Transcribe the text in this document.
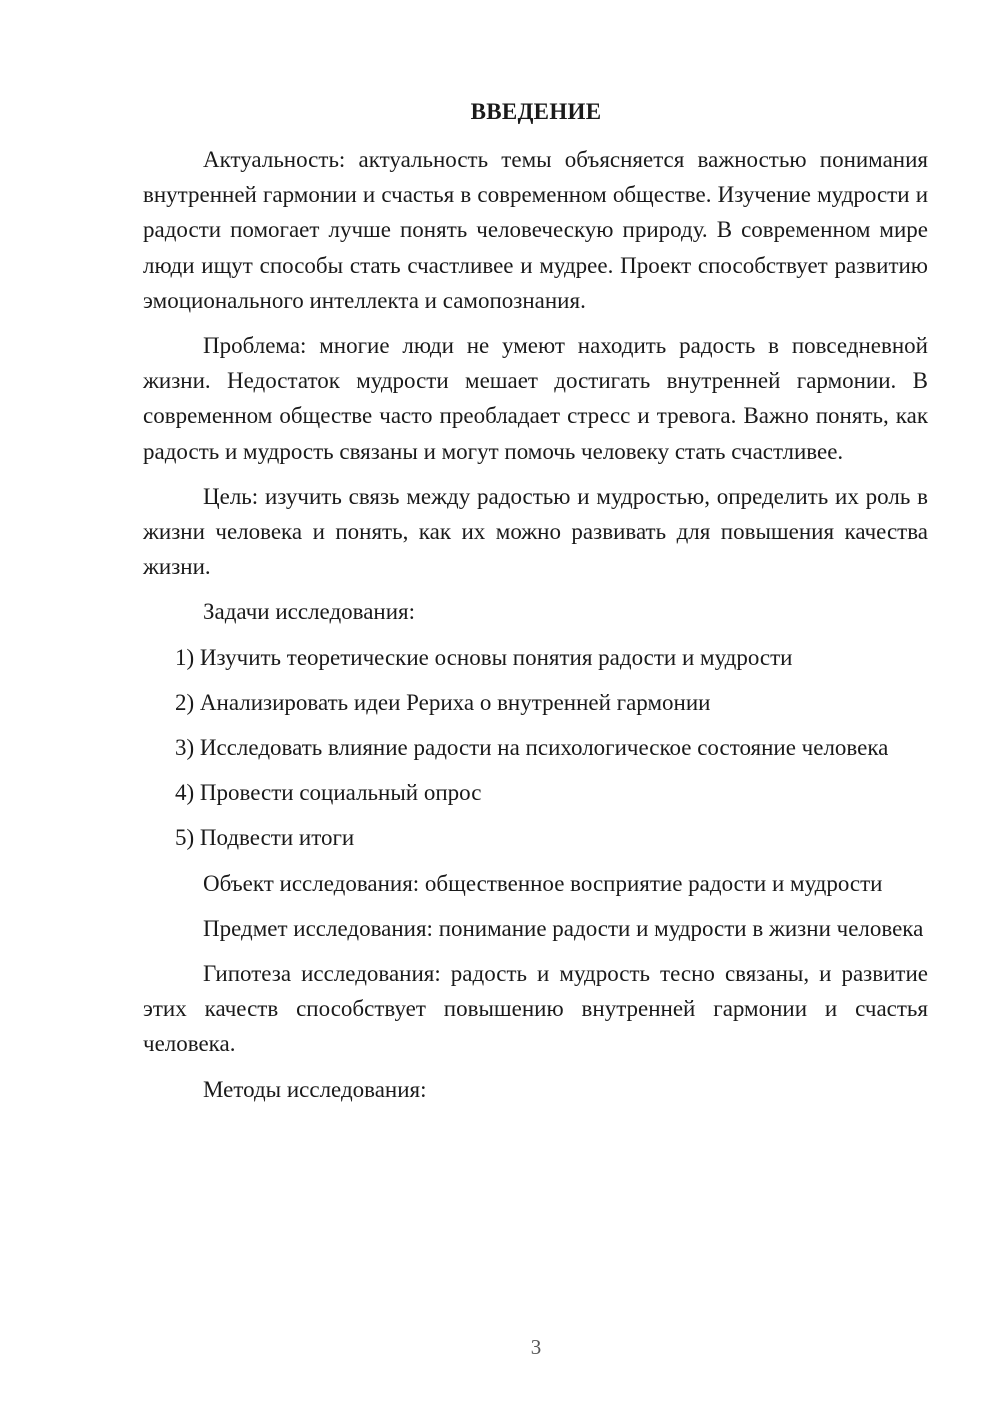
ВВЕДЕНИЕ

Актуальность: актуальность темы объясняется важностью понимания внутренней гармонии и счастья в современном обществе. Изучение мудрости и радости помогает лучше понять человеческую природу. В современном мире люди ищут способы стать счастливее и мудрее. Проект способствует развитию эмоционального интеллекта и самопознания.

Проблема: многие люди не умеют находить радость в повседневной жизни. Недостаток мудрости мешает достигать внутренней гармонии. В современном обществе часто преобладает стресс и тревога. Важно понять, как радость и мудрость связаны и могут помочь человеку стать счастливее.

Цель: изучить связь между радостью и мудростью, определить их роль в жизни человека и понять, как их можно развивать для повышения качества жизни.

Задачи исследования:

1) Изучить теоретические основы понятия радости и мудрости

2) Анализировать идеи Рериха о внутренней гармонии

3) Исследовать влияние радости на психологическое состояние человека

4) Провести социальный опрос

5) Подвести итоги

Объект исследования: общественное восприятие радости и мудрости

Предмет исследования: понимание радости и мудрости в жизни человека

Гипотеза исследования: радость и мудрость тесно связаны, и развитие этих качеств способствует повышению внутренней гармонии и счастья человека.

Методы исследования:

3
